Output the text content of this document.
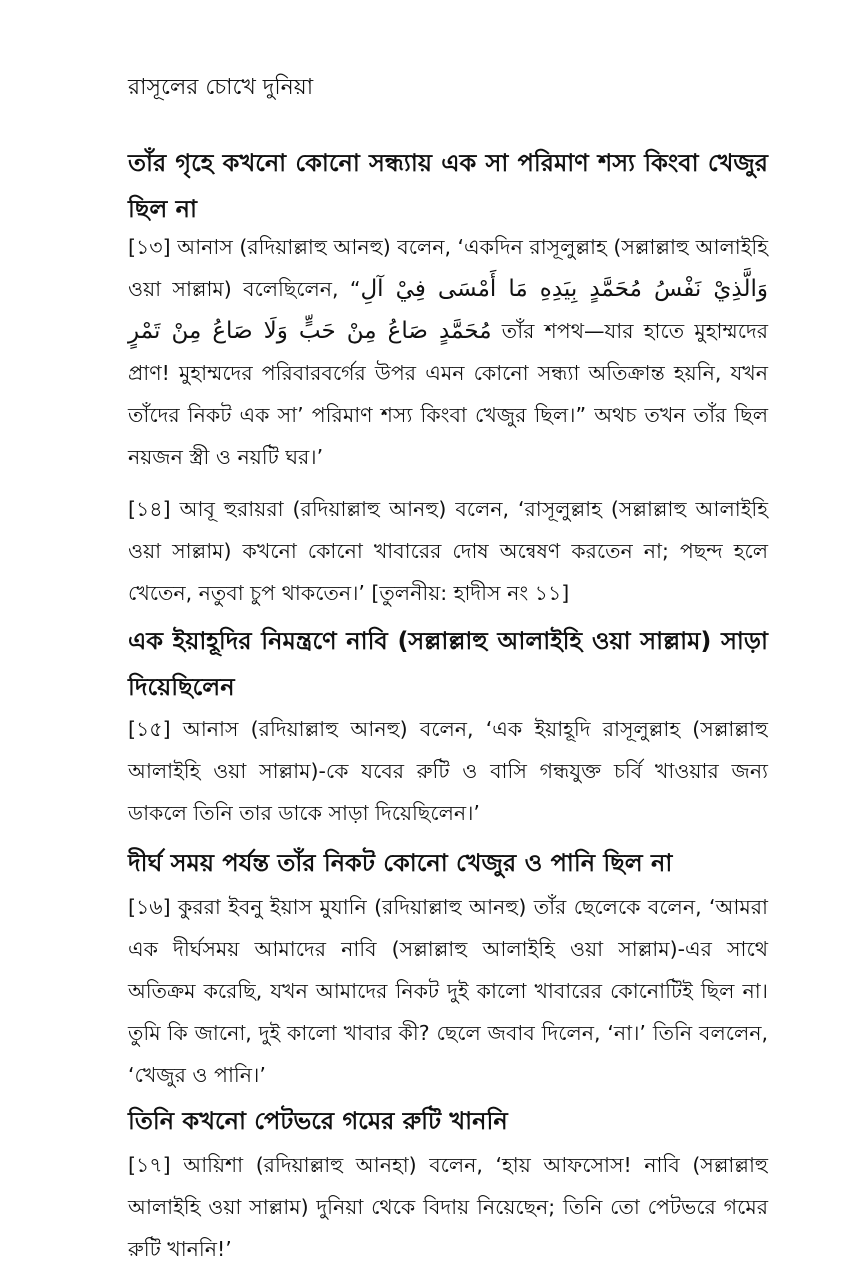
রাসূলের চোখে দুনিয়া
তাঁর গৃহে কখনো কোনো সন্ধ্যায় এক সা পরিমাণ শস্য কিংবা খেজুর ছিল না
[১৩] আনাস (রদিয়াল্লাহু আনহু) বলেন, ‘একদিন রাসূলুল্লাহ (সল্লাল্লাহু আলাইহি ওয়া সাল্লাম) বলেছিলেন, “وَالَّذِيْ نَفْسُ مُحَمَّدٍ بِيَدِهِ مَا أَمْسَى فِيْ آلِ مُحَمَّدٍ صَاعُ مِنْ حَبٍّ وَلَا صَاعُ مِنْ تَمْرٍ তাঁর শপথ—যার হাতে মুহাম্মদের প্রাণ! মুহাম্মদের পরিবারবর্গের উপর এমন কোনো সন্ধ্যা অতিক্রান্ত হয়নি, যখন তাঁদের নিকট এক সা’ পরিমাণ শস্য কিংবা খেজুর ছিল।” অথচ তখন তাঁর ছিল নয়জন স্ত্রী ও নয়টি ঘর।’
[১৪] আবূ হুরায়রা (রদিয়াল্লাহু আনহু) বলেন, ‘রাসূলুল্লাহ (সল্লাল্লাহু আলাইহি ওয়া সাল্লাম) কখনো কোনো খাবারের দোষ অন্বেষণ করতেন না; পছন্দ হলে খেতেন, নতুবা চুপ থাকতেন।’ [তুলনীয়: হাদীস নং ১১]
এক ইয়াহূদির নিমন্ত্রণে নাবি (সল্লাল্লাহু আলাইহি ওয়া সাল্লাম) সাড়া দিয়েছিলেন
[১৫] আনাস (রদিয়াল্লাহু আনহু) বলেন, ‘এক ইয়াহূদি রাসূলুল্লাহ (সল্লাল্লাহু আলাইহি ওয়া সাল্লাম)-কে যবের রুটি ও বাসি গন্ধযুক্ত চর্বি খাওয়ার জন্য ডাকলে তিনি তার ডাকে সাড়া দিয়েছিলেন।’
দীর্ঘ সময় পর্যন্ত তাঁর নিকট কোনো খেজুর ও পানি ছিল না
[১৬] কুররা ইবনু ইয়াস মুযানি (রদিয়াল্লাহু আনহু) তাঁর ছেলেকে বলেন, ‘আমরা এক দীর্ঘসময় আমাদের নাবি (সল্লাল্লাহু আলাইহি ওয়া সাল্লাম)-এর সাথে অতিক্রম করেছি, যখন আমাদের নিকট দুই কালো খাবারের কোনোটিই ছিল না। তুমি কি জানো, দুই কালো খাবার কী? ছেলে জবাব দিলেন, ‘না।’ তিনি বললেন, ‘খেজুর ও পানি।’
তিনি কখনো পেটভরে গমের রুটি খাননি
[১৭] আয়িশা (রদিয়াল্লাহু আনহা) বলেন, ‘হায় আফসোস! নাবি (সল্লাল্লাহু আলাইহি ওয়া সাল্লাম) দুনিয়া থেকে বিদায় নিয়েছেন; তিনি তো পেটভরে গমের রুটি খাননি!’
